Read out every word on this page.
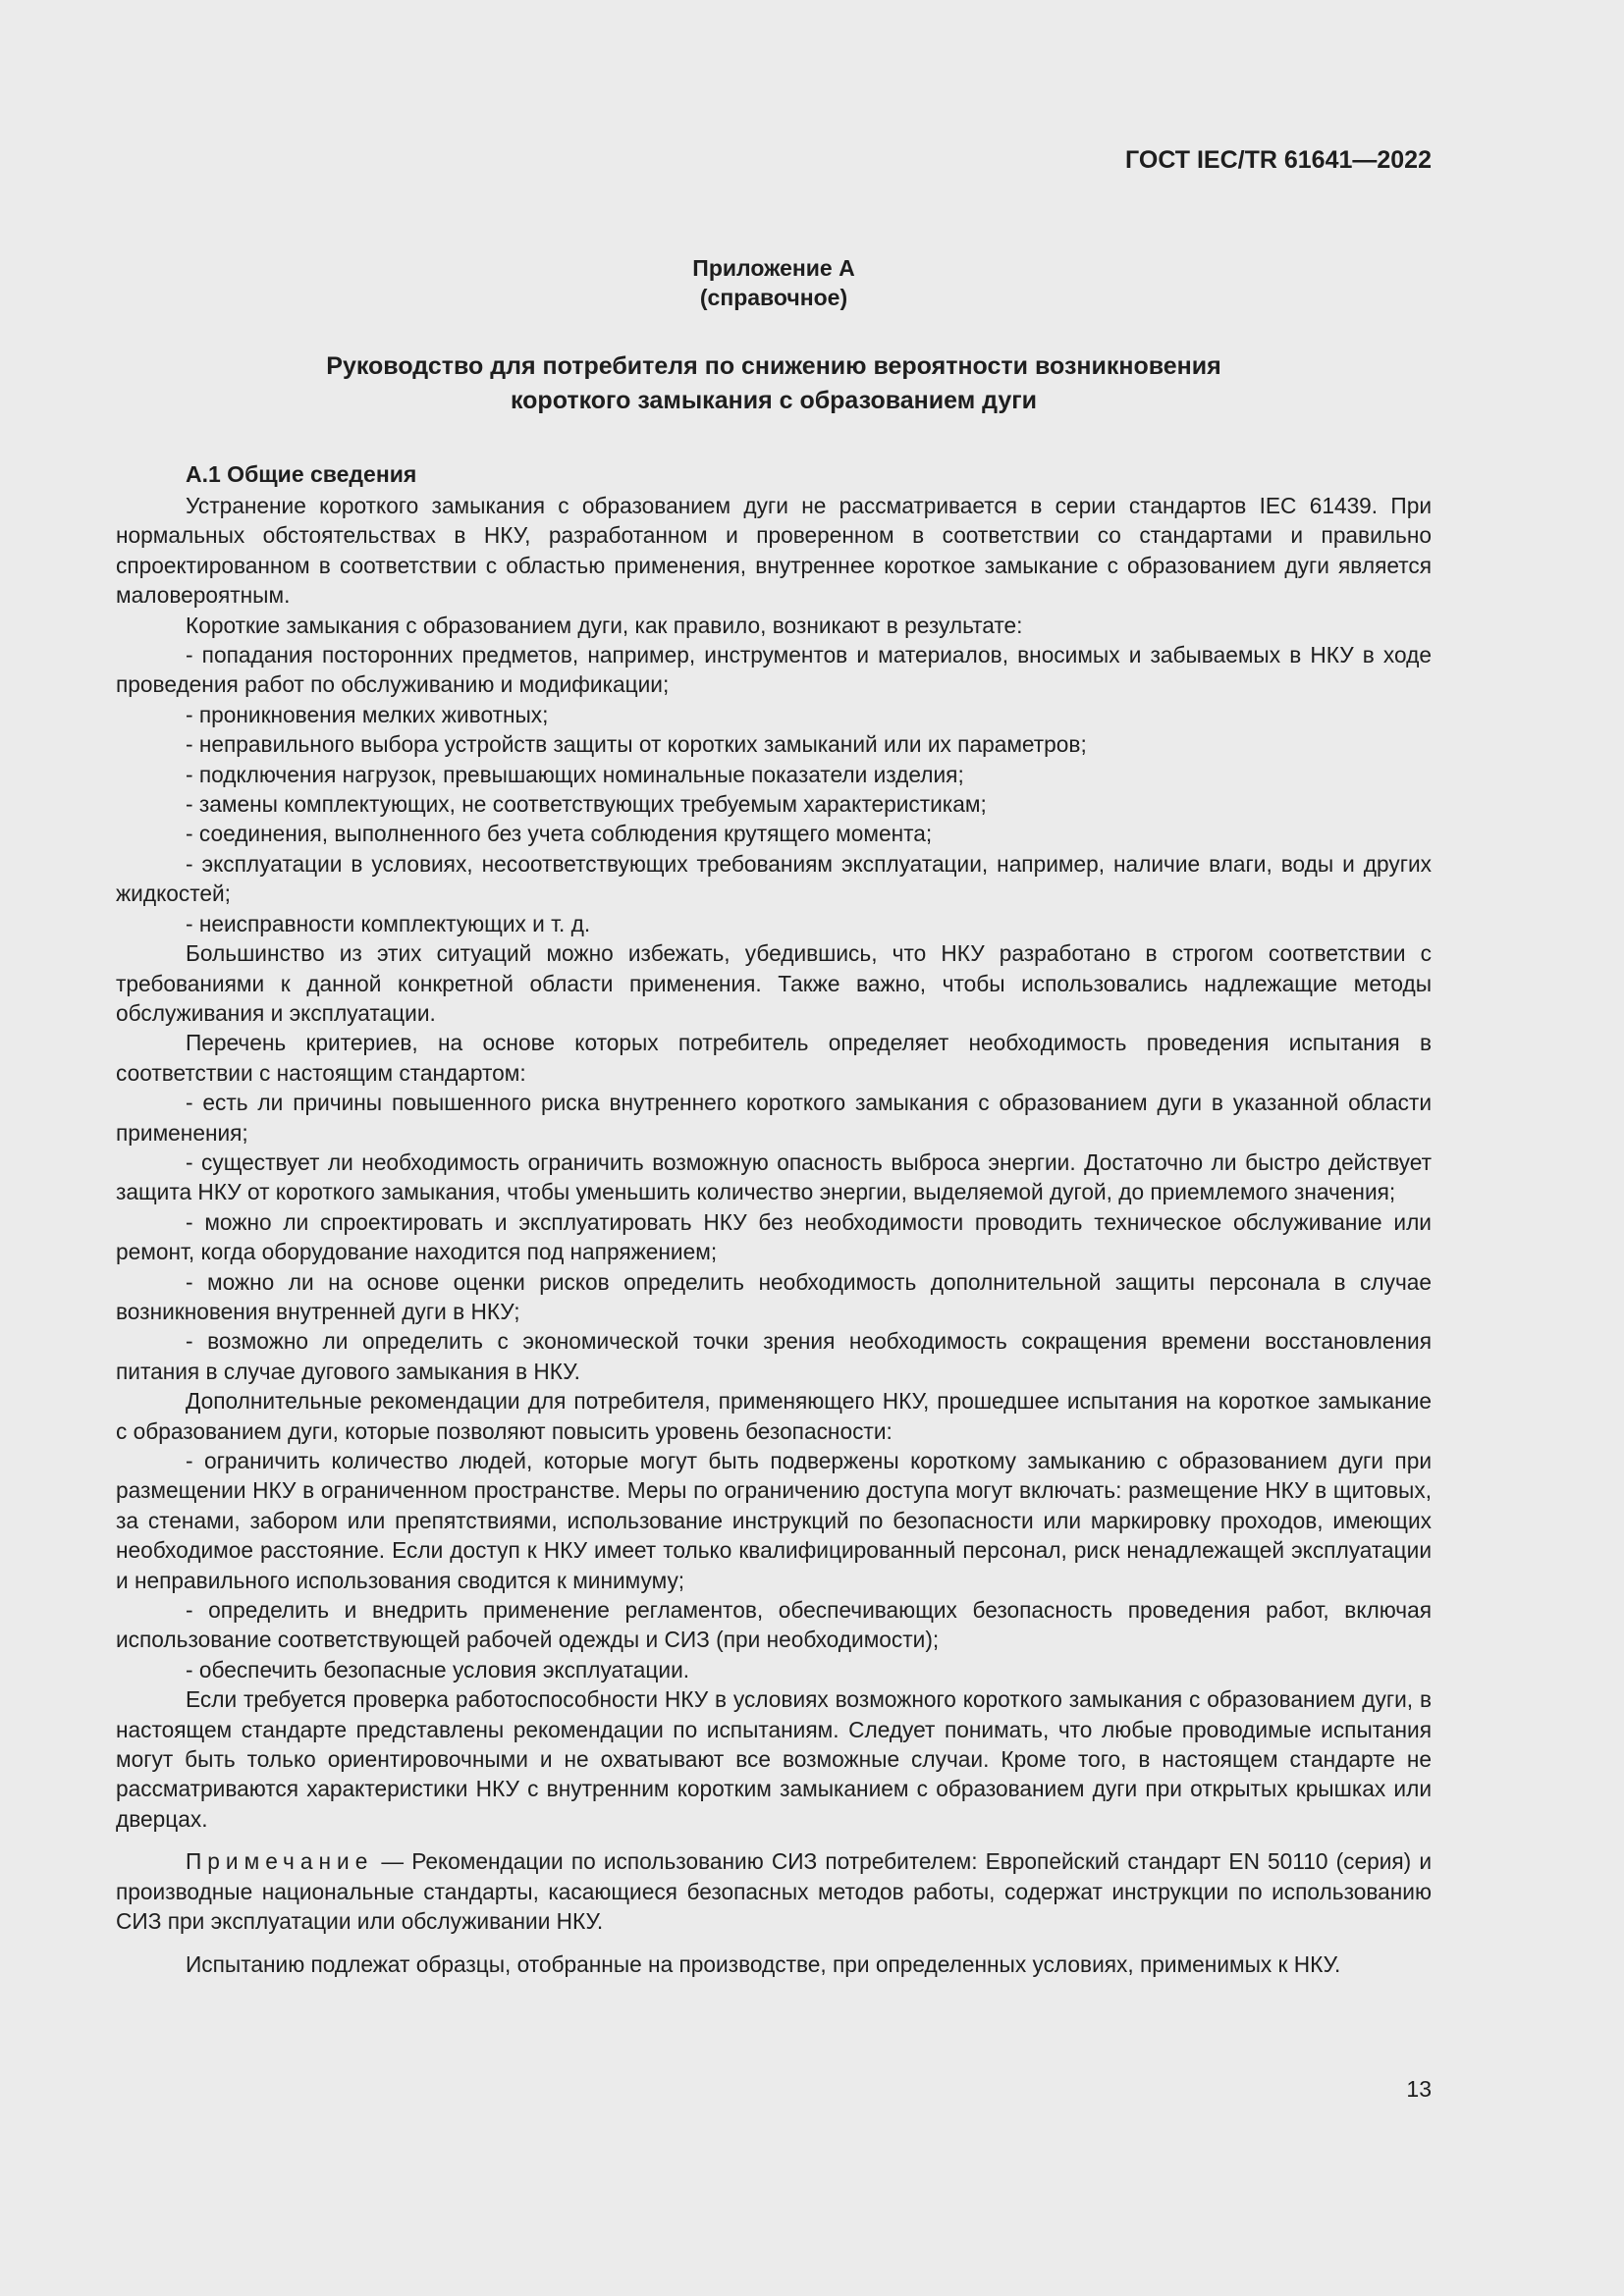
ГОСТ IEC/TR 61641—2022
Приложение А
(справочное)
Руководство для потребителя по снижению вероятности возникновения
короткого замыкания с образованием дуги
А.1 Общие сведения

Устранение короткого замыкания с образованием дуги не рассматривается в серии стандартов IEC 61439. При нормальных обстоятельствах в НКУ, разработанном и проверенном в соответствии со стандартами и правильно спроектированном в соответствии с областью применения, внутреннее короткое замыкание с образованием дуги является маловероятным.

Короткие замыкания с образованием дуги, как правило, возникают в результате:

- попадания посторонних предметов, например, инструментов и материалов, вносимых и забываемых в НКУ в ходе проведения работ по обслуживанию и модификации;

- проникновения мелких животных;

- неправильного выбора устройств защиты от коротких замыканий или их параметров;

- подключения нагрузок, превышающих номинальные показатели изделия;

- замены комплектующих, не соответствующих требуемым характеристикам;

- соединения, выполненного без учета соблюдения крутящего момента;

- эксплуатации в условиях, несоответствующих требованиям эксплуатации, например, наличие влаги, воды и других жидкостей;

- неисправности комплектующих и т. д.

Большинство из этих ситуаций можно избежать, убедившись, что НКУ разработано в строгом соответствии с требованиями к данной конкретной области применения. Также важно, чтобы использовались надлежащие методы обслуживания и эксплуатации.

Перечень критериев, на основе которых потребитель определяет необходимость проведения испытания в соответствии с настоящим стандартом:

- есть ли причины повышенного риска внутреннего короткого замыкания с образованием дуги в указанной области применения;

- существует ли необходимость ограничить возможную опасность выброса энергии. Достаточно ли быстро действует защита НКУ от короткого замыкания, чтобы уменьшить количество энергии, выделяемой дугой, до приемлемого значения;

- можно ли спроектировать и эксплуатировать НКУ без необходимости проводить техническое обслуживание или ремонт, когда оборудование находится под напряжением;

- можно ли на основе оценки рисков определить необходимость дополнительной защиты персонала в случае возникновения внутренней дуги в НКУ;

- возможно ли определить с экономической точки зрения необходимость сокращения времени восстановления питания в случае дугового замыкания в НКУ.

Дополнительные рекомендации для потребителя, применяющего НКУ, прошедшее испытания на короткое замыкание с образованием дуги, которые позволяют повысить уровень безопасности:

- ограничить количество людей, которые могут быть подвержены короткому замыканию с образованием дуги при размещении НКУ в ограниченном пространстве. Меры по ограничению доступа могут включать: размещение НКУ в щитовых, за стенами, забором или препятствиями, использование инструкций по безопасности или маркировку проходов, имеющих необходимое расстояние. Если доступ к НКУ имеет только квалифицированный персонал, риск ненадлежащей эксплуатации и неправильного использования сводится к минимуму;

- определить и внедрить применение регламентов, обеспечивающих безопасность проведения работ, включая использование соответствующей рабочей одежды и СИЗ (при необходимости);

- обеспечить безопасные условия эксплуатации.

Если требуется проверка работоспособности НКУ в условиях возможного короткого замыкания с образованием дуги, в настоящем стандарте представлены рекомендации по испытаниям. Следует понимать, что любые проводимые испытания могут быть только ориентировочными и не охватывают все возможные случаи. Кроме того, в настоящем стандарте не рассматриваются характеристики НКУ с внутренним коротким замыканием с образованием дуги при открытых крышках или дверцах.

Примечание — Рекомендации по использованию СИЗ потребителем: Европейский стандарт EN 50110 (серия) и производные национальные стандарты, касающиеся безопасных методов работы, содержат инструкции по использованию СИЗ при эксплуатации или обслуживании НКУ.

Испытанию подлежат образцы, отобранные на производстве, при определенных условиях, применимых к НКУ.

13
